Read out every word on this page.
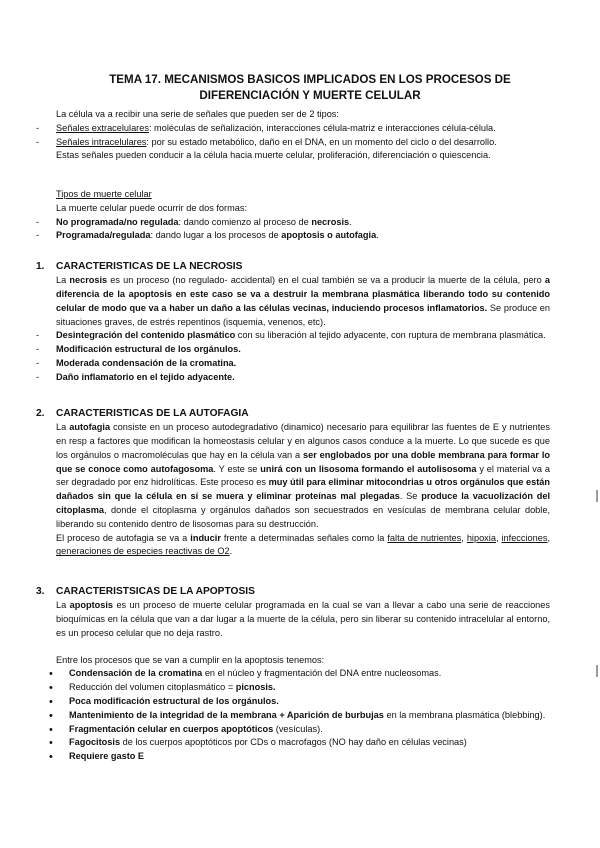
TEMA 17. MECANISMOS BASICOS IMPLICADOS EN LOS PROCESOS DE
DIFERENCIACIÓN Y MUERTE CELULAR

La célula va a recibir una serie de señales que pueden ser de 2 tipos:

- Señales extracelulares: moléculas de señalización, interacciones célula-matriz e interacciones célula-célula.
- Señales intracelulares: por su estado metabólico, daño en el DNA, en un momento del ciclo o del desarrollo.

Estas señales pueden conducir a la célula hacia muerte celular, proliferación, diferenciación o quiescencia.

Tipos de muerte celular

La muerte celular puede ocurrir de dos formas:

- No programada/no regulada: dando comienzo al proceso de necrosis.
- Programada/regulada: dando lugar a los procesos de apoptosis o autofagia.

1. CARACTERISTICAS DE LA NECROSIS

La necrosis es un proceso (no regulado- accidental) en el cual también se va a producir la muerte de la célula, pero a diferencia de la apoptosis en este caso se va a destruir la membrana plasmática liberando todo su contenido celular de modo que va a haber un daño a las células vecinas, induciendo procesos inflamatorios. Se produce en situaciones graves, de estrés repentinos (isquemia, venenos, etc).

- Desintegración del contenido plasmático con su liberación al tejido adyacente, con ruptura de membrana plasmática.
- Modificación estructural de los orgánulos.
- Moderada condensación de la cromatina.
- Daño inflamatorio en el tejido adyacente.

2. CARACTERISTICAS DE LA AUTOFAGIA

La autofagia consiste en un proceso autodegradativo (dinamico) necesario para equilibrar las fuentes de E y nutrientes en resp a factores que modifican la homeostasis celular y en algunos casos conduce a la muerte. Lo que sucede es que los orgánulos o macromoléculas que hay en la célula van a ser englobados por una doble membrana para formar lo que se conoce como autofagosoma. Y este se unirá con un lisosoma formando el autolisosoma y el material va a ser degradado por enz hidrolíticas. Este proceso es muy útil para eliminar mitocondrias u otros orgánulos que están dañados sin que la célula en sí se muera y eliminar proteínas mal plegadas. Se produce la vacuolización del citoplasma, donde el citoplasma y orgánulos dañados son secuestrados en vesículas de membrana celular doble, liberando su contenido dentro de lisosomas para su destrucción.

El proceso de autofagia se va a inducir frente a determinadas señales como la falta de nutrientes, hipoxia, infecciones, generaciones de especies reactivas de O2.

3. CARACTERISTSICAS DE LA APOPTOSIS

La apoptosis es un proceso de muerte celular programada en la cual se van a llevar a cabo una serie de reacciones bioquímicas en la célula que van a dar lugar a la muerte de la célula, pero sin liberar su contenido intracelular al entorno, es un proceso celular que no deja rastro.

Entre los procesos que se van a cumplir en la apoptosis tenemos:

• Condensación de la cromatina en el núcleo y fragmentación del DNA entre nucleosomas.
• Reducción del volumen citoplasmático = picnosis.
• Poca modificación estructural de los orgánulos.
• Mantenimiento de la integridad de la membrana + Aparición de burbujas en la membrana plasmática (blebbing).
• Fragmentación celular en cuerpos apoptóticos (vesículas).
• Fagocitosis de los cuerpos apoptóticos por CDs o macrofagos (NO hay daño en células vecinas)
• Requiere gasto E
